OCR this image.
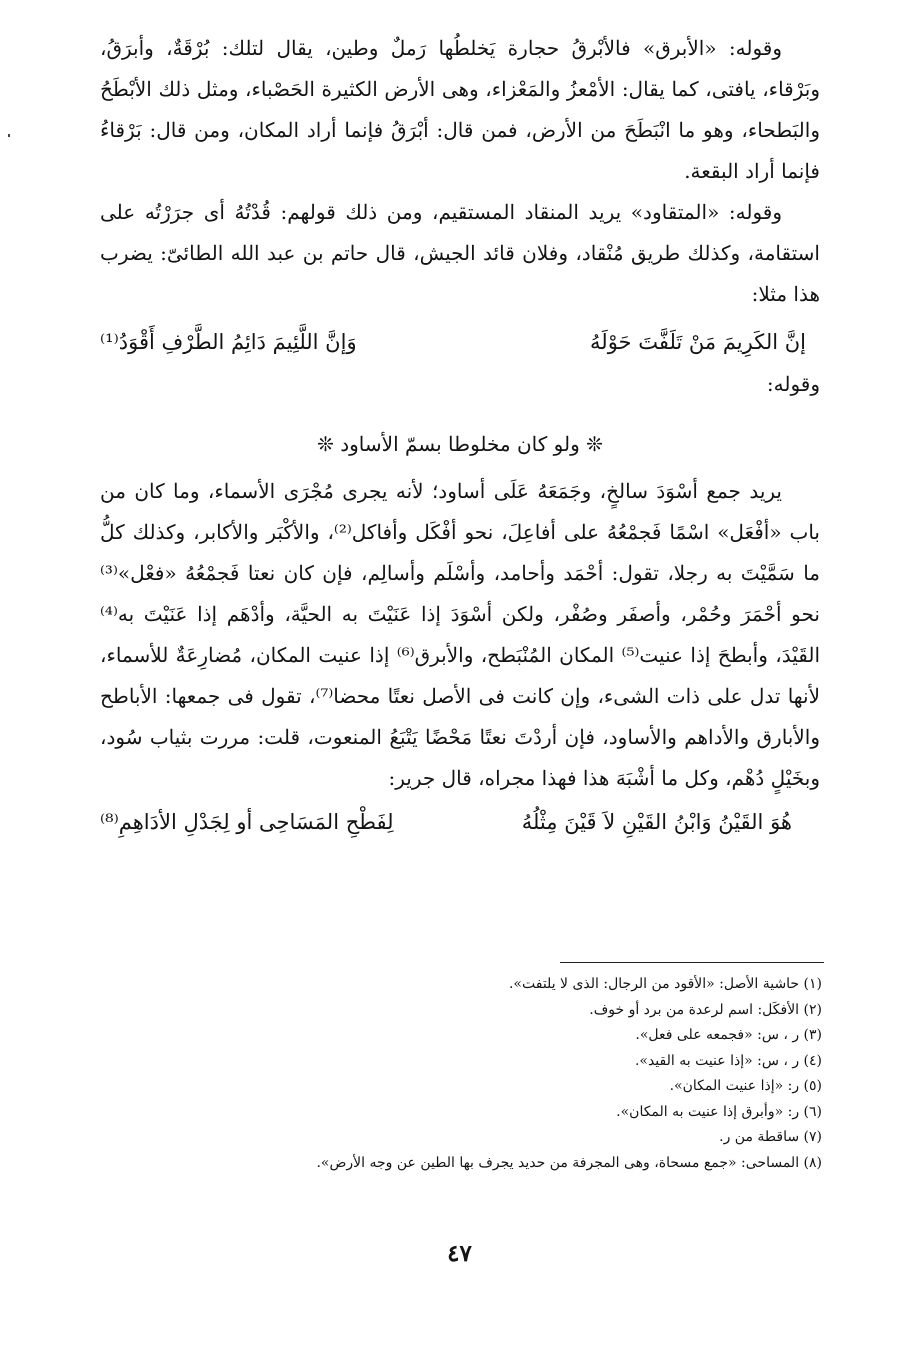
وقوله: «الأبرق» فالأبْرقُ حجارة يَخلطُها رَملٌ وطين، يقال لتلك: بُرْقَةٌ، وأبرَقُ، وبَرْقاء، يافتى، كما يقال: الأمْعزُ والمَعْزاء، وهى الأرض الكثيرة الحَصْباء، ومثل ذلك الأبْطَحُ والبَطحاء، وهو ما انْبَطَحَ من الأرض، فمن قال: أبْرَقُ فإنما أراد المكان، ومن قال: بَرْقاءُ فإنما أراد البقعة.

وقوله: «المتقاود» يريد المنقاد المستقيم، ومن ذلك قولهم: قُدْتُهُ أى جرَرْتُه على استقامة، وكذلك طريق مُنْقاد، وفلان قائد الجيش، قال حاتم بن عبد الله الطائىّ: يضرب هذا مثلا:

إنَّ الكَرِيمَ مَنْ تَلَفَّتَ حَوْلَهُ
وَإنَّ اللَّئِيمَ دَائِمُ الطَّرْفِ أَقْوَدُ⁽¹⁾

وقوله:

❊ ولو كان مخلوطا بسمّ الأساود ❊

يريد جمع أسْوَدَ سالخٍ، وجَمَعَهُ عَلَى أساود؛ لأنه يجرى مُجْرَى الأسماء، وما كان من باب «أفْعَل» اسْمًا فَجمْعُهُ على أفاعِلَ، نحو أفْكَل وأفاكل⁽²⁾، والأكْبَر والأكابر، وكذلك كلُّ ما سَمَّيْتَ به رجلا، تقول: أحْمَد وأحامد، وأسْلَم وأسالِم، فإن كان نعتا فَجمْعُهُ «فعْل»⁽³⁾ نحو أحْمَرَ وحُمْر، وأصفَر وصُفْر، ولكن أسْوَدَ إذا عَنَيْتَ به الحيَّة، وأدْهَم إذا عَنَيْتَ به⁽⁴⁾ القَيْدَ، وأبطحَ إذا عنيت⁽⁵⁾ المكان المُنْبَطح، والأبرق⁽⁶⁾ إذا عنيت المكان، مُضارِعَةٌ للأسماء، لأنها تدل على ذات الشىء، وإن كانت فى الأصل نعتًا محضا⁽⁷⁾، تقول فى جمعها: الأباطح والأبارق والأداهم والأساود، فإن أردْتَ نعتًا مَحْضًا يَتْبَعُ المنعوت، قلت: مررت بثياب سُود، وبخَيْلٍ دُهْم، وكل ما أشْبَهَ هذا فهذا مجراه، قال جرير:

هُوَ القَيْنُ وَابْنُ القَيْنِ لاَ قَيْنَ مِثْلُهُ
لِفَطْحِ المَسَاحِى أو لِجَدْلِ الأدَاهِمِ⁽⁸⁾

(١) حاشية الأصل: «الأقود من الرجال: الذى لا يلتفت».

(٢) الأفكَل: اسم لرعدة من برد أو خوف.

(٣) ر ، س: «فجمعه على فعل».

(٤) ر ، س: «إذا عنيت به القيد».

(٥) ر: «إذا عنيت المكان».

(٦) ر: «وأبرق إذا عنيت به المكان».

(٧) ساقطة من ر.

(٨) المساحى: «جمع مسحاة، وهى المجرفة من حديد يجرف بها الطين عن وجه الأرض».

٤٧
